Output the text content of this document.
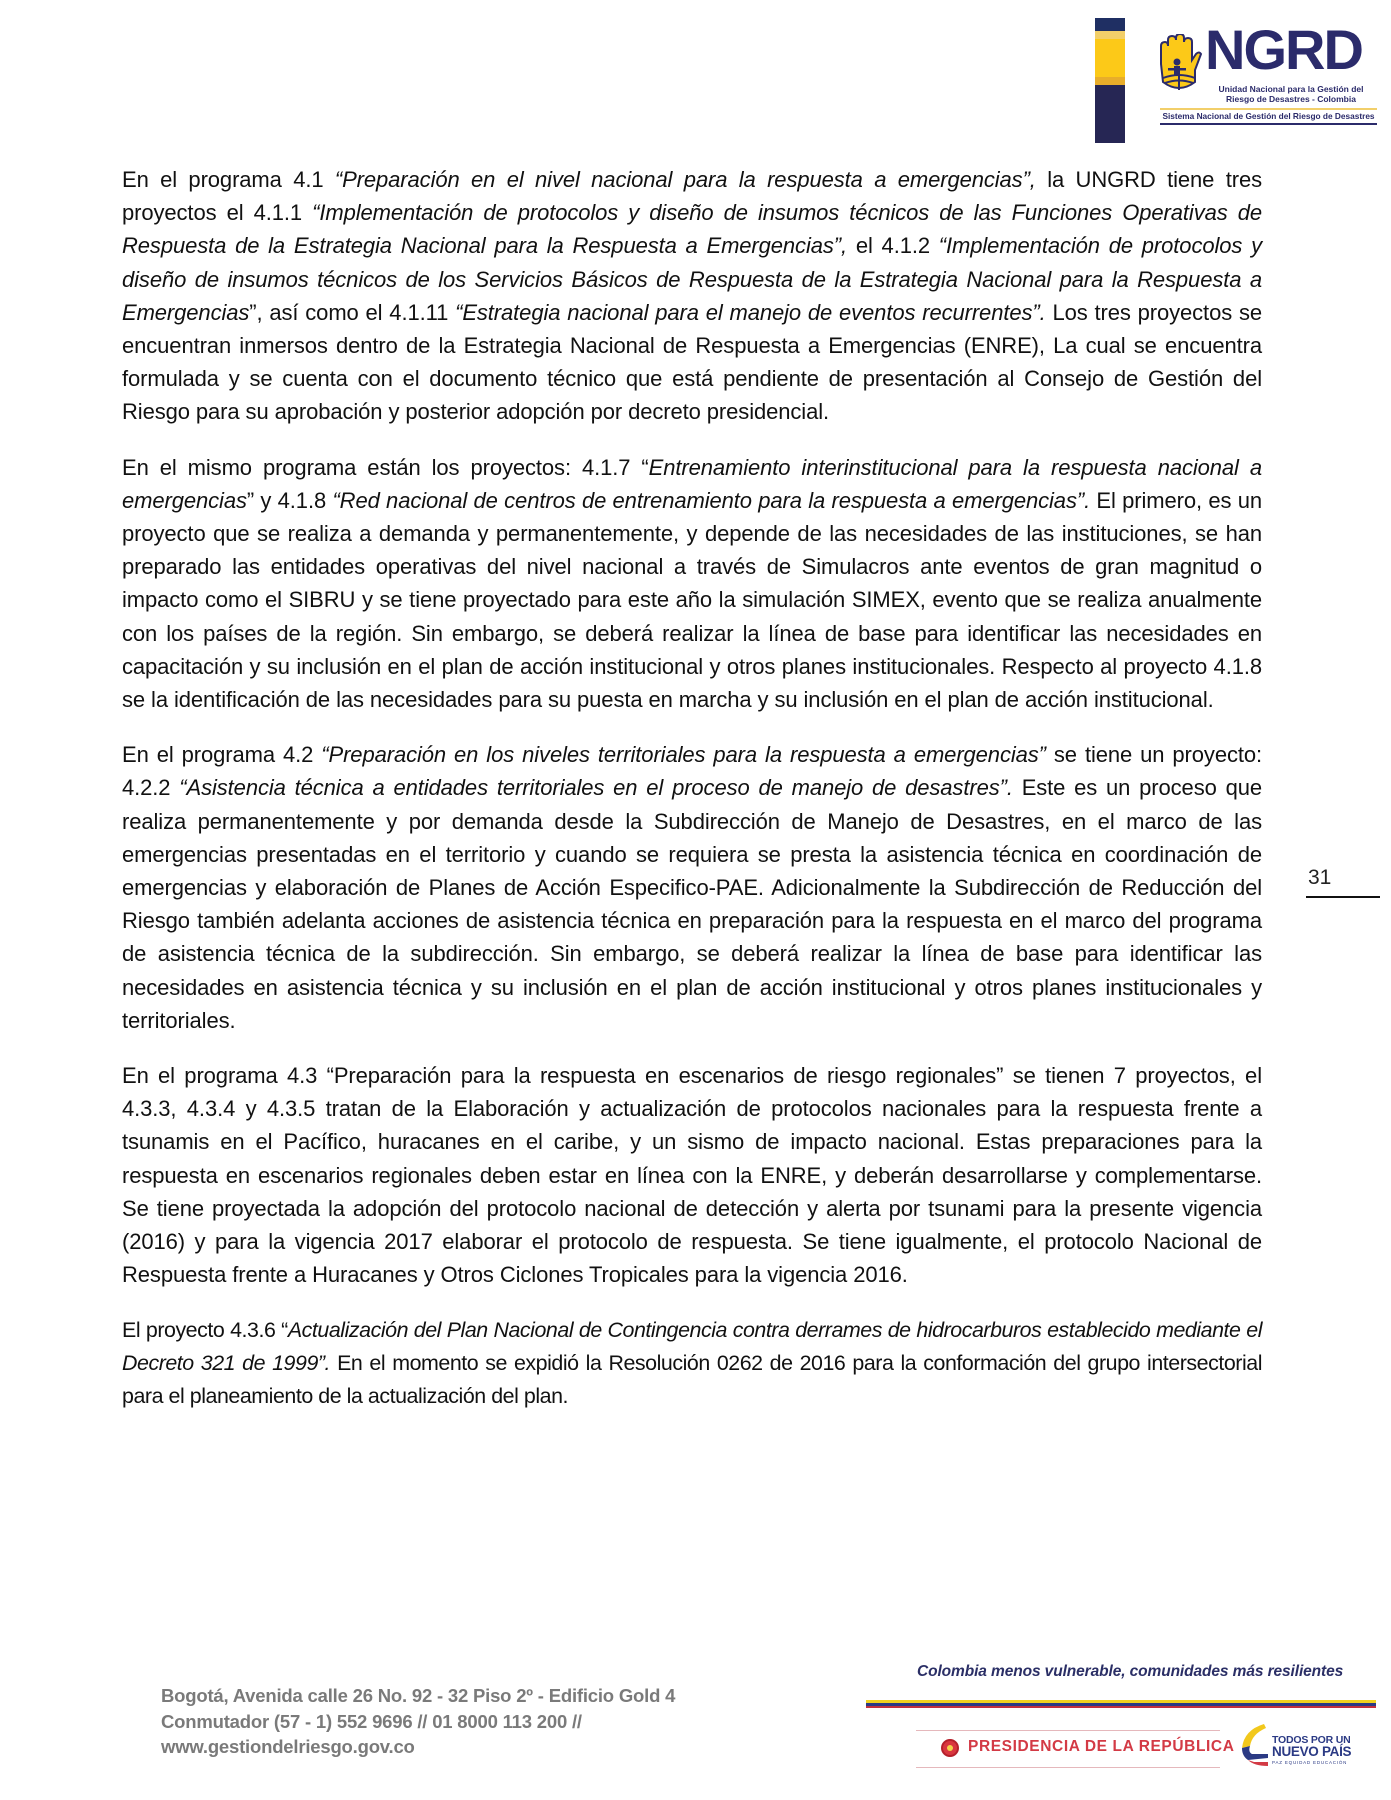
NGRD
Unidad Nacional para la Gestión del
Riesgo de Desastres - Colombia
Sistema Nacional de Gestión del Riesgo de Desastres

En el programa 4.1 “Preparación en el nivel nacional para la respuesta a emergencias”, la UNGRD tiene tres proyectos el 4.1.1 “Implementación de protocolos y diseño de insumos técnicos de las Funciones Operativas de Respuesta de la Estrategia Nacional para la Respuesta a Emergencias”, el 4.1.2 “Implementación de protocolos y diseño de insumos técnicos de los Servicios Básicos de Respuesta de la Estrategia Nacional para la Respuesta a Emergencias”, así como el 4.1.11 “Estrategia nacional para el manejo de eventos recurrentes”. Los tres proyectos se encuentran inmersos dentro de la Estrategia Nacional de Respuesta a Emergencias (ENRE), La cual se encuentra formulada y se cuenta con el documento técnico que está pendiente de presentación al Consejo de Gestión del Riesgo para su aprobación y posterior adopción por decreto presidencial.

En el mismo programa están los proyectos: 4.1.7 “Entrenamiento interinstitucional para la respuesta nacional a emergencias” y 4.1.8 “Red nacional de centros de entrenamiento para la respuesta a emergencias”. El primero, es un proyecto que se realiza a demanda y permanentemente, y depende de las necesidades de las instituciones, se han preparado las entidades operativas del nivel nacional a través de Simulacros ante eventos de gran magnitud o impacto como el SIBRU y se tiene proyectado para este año la simulación SIMEX, evento que se realiza anualmente con los países de la región. Sin embargo, se deberá realizar la línea de base para identificar las necesidades en capacitación y su inclusión en el plan de acción institucional y otros planes institucionales. Respecto al proyecto 4.1.8 se la identificación de las necesidades para su puesta en marcha y su inclusión en el plan de acción institucional.

En el programa 4.2 “Preparación en los niveles territoriales para la respuesta a emergencias” se tiene un proyecto: 4.2.2 “Asistencia técnica a entidades territoriales en el proceso de manejo de desastres”. Este es un proceso que realiza permanentemente y por demanda desde la Subdirección de Manejo de Desastres, en el marco de las emergencias presentadas en el territorio y cuando se requiera se presta la asistencia técnica en coordinación de emergencias y elaboración de Planes de Acción Especifico-PAE. Adicionalmente la Subdirección de Reducción del Riesgo también adelanta acciones de asistencia técnica en preparación para la respuesta en el marco del programa de asistencia técnica de la subdirección. Sin embargo, se deberá realizar la línea de base para identificar las necesidades en asistencia técnica y su inclusión en el plan de acción institucional y otros planes institucionales y territoriales.

En el programa 4.3 “Preparación para la respuesta en escenarios de riesgo regionales” se tienen 7 proyectos, el 4.3.3, 4.3.4 y 4.3.5 tratan de la Elaboración y actualización de protocolos nacionales para la respuesta frente a tsunamis en el Pacífico, huracanes en el caribe, y un sismo de impacto nacional. Estas preparaciones para la respuesta en escenarios regionales deben estar en línea con la ENRE, y deberán desarrollarse y complementarse. Se tiene proyectada la adopción del protocolo nacional de detección y alerta por tsunami para la presente vigencia (2016) y para la vigencia 2017 elaborar el protocolo de respuesta. Se tiene igualmente, el protocolo Nacional de Respuesta frente a Huracanes y Otros Ciclones Tropicales para la vigencia 2016.

El proyecto 4.3.6 “Actualización del Plan Nacional de Contingencia contra derrames de hidrocarburos establecido mediante el Decreto 321 de 1999”. En el momento se expidió la Resolución 0262 de 2016 para la conformación del grupo intersectorial para el planeamiento de la actualización del plan.

31
Bogotá, Avenida calle 26 No. 92 - 32 Piso 2º - Edificio Gold 4
Conmutador (57 - 1) 552 9696 // 01 8000 113 200 //
www.gestiondelriesgo.gov.co
Colombia menos vulnerable, comunidades más resilientes
PRESIDENCIA DE LA REPÚBLICA	TODOS POR UN
NUEVO PAÍS
PAZ EQUIDAD EDUCACIÓN
